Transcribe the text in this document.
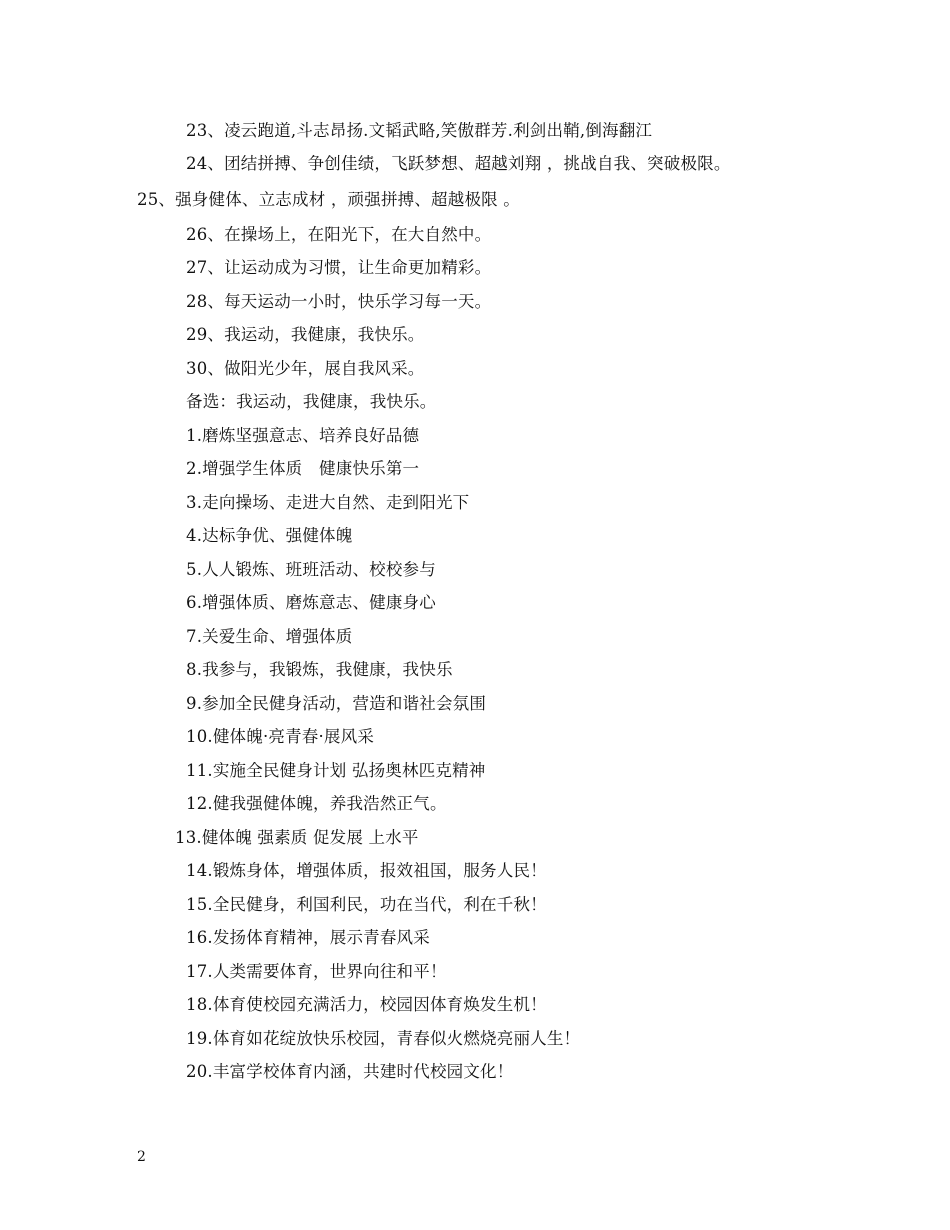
23、凌云跑道,斗志昂扬.文韬武略,笑傲群芳.利剑出鞘,倒海翻江
24、团结拼搏、争创佳绩，飞跃梦想、超越刘翔 ，挑战自我、突破极限。
25、强身健体、立志成材 ，顽强拼搏、超越极限 。
26、在操场上，在阳光下，在大自然中。
27、让运动成为习惯，让生命更加精彩。
28、每天运动一小时，快乐学习每一天。
29、我运动，我健康，我快乐。
30、做阳光少年，展自我风采。
备选：我运动，我健康，我快乐。
1.磨炼坚强意志、培养良好品德
2.增强学生体质　健康快乐第一
3.走向操场、走进大自然、走到阳光下
4.达标争优、强健体魄
5.人人锻炼、班班活动、校校参与
6.增强体质、磨炼意志、健康身心
7.关爱生命、增强体质
8.我参与，我锻炼，我健康，我快乐
9.参加全民健身活动，营造和谐社会氛围
10.健体魄·亮青春·展风采
11.实施全民健身计划 弘扬奥林匹克精神
12.健我强健体魄，养我浩然正气。
13.健体魄 强素质 促发展 上水平
14.锻炼身体，增强体质，报效祖国，服务人民！
15.全民健身，利国利民，功在当代，利在千秋！
16.发扬体育精神，展示青春风采
17.人类需要体育，世界向往和平！
18.体育使校园充满活力，校园因体育焕发生机！
19.体育如花绽放快乐校园，青春似火燃烧亮丽人生！
20.丰富学校体育内涵，共建时代校园文化！
2
